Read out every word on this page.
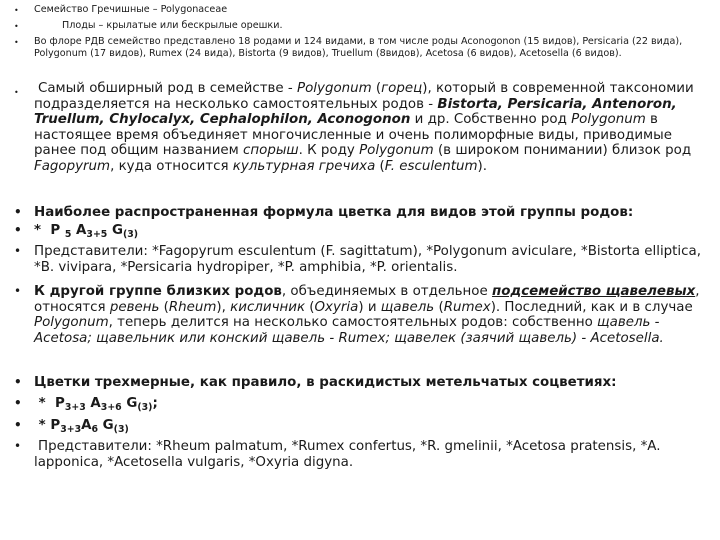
• Семейство Гречишные – Polygonaceae
•	Плоды – крылатые или бескрылые орешки.
• Во флоре РДВ семейство представлено 18 родами и 124 видами, в том числе роды Aconogonon (15 видов), Persicaria (22 вида), Polygonum (17 видов), Rumex (24 вида), Bistorta (9 видов), Truellum (8видов), Acetosa (6 видов), Acetosella (6 видов).
• Самый обширный род в семействе - Polygonum (горец), который в современной таксономии подразделяется на несколько самостоятельных родов - Bistorta, Persicaria, Antenoron, Truellum, Chylocalyx, Cephalophilon, Aconogonon и др. Собственно род Polygonum в настоящее время объединяет многочисленные и очень полиморфные виды, приводимые ранее под общим названием спорыш. К роду Polygonum (в широком понимании) близок род Fagopyrum, куда относится культурная гречиха (F. esculentum).
• Наиболее распространенная формула цветка для видов этой группы родов:
• * P $_5$ $A_{3+5}$ $G_{(3)}$
• Представители: *Fagopyrum esculentum (F. sagittatum), *Polygonum aviculare, *Bistorta elliptica, *B. vivipara, *Persicaria hydropiper, *P. amphibia, *P. orientalis.
• К другой группе близких родов, объединяемых в отдельное подсемейство щавелевых, относятся ревень (Rheum), кисличник (Oxyria) и щавель (Rumex). Последний, как и в случае Polygonum, теперь делится на несколько самостоятельных родов: собственно щавель - Acetosa; щавельник или конский щавель - Rumex; щавелек (заячий щавель) - Acetosella.
• Цветки трехмерные, как правило, в раскидистых метельчатых соцветиях:
•	* $P_{3+3}$ $A_{3+6}$ $G_{(3)}$;
•	* $P_{3+3}A_6$ $G_{(3)}$
• Представители: *Rheum palmatum, *Rumex confertus, *R. gmelinii, *Acetosa pratensis, *A. lapponica, *Acetosella vulgaris, *Oxyria digyna.
